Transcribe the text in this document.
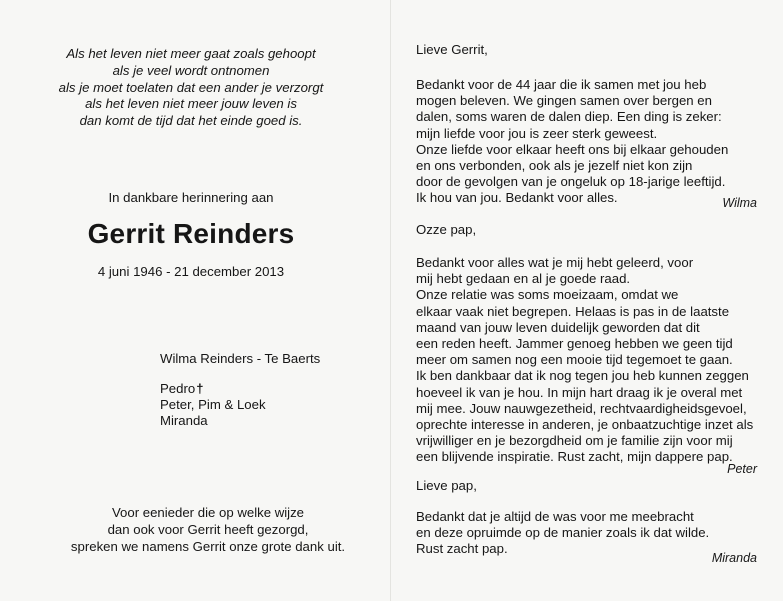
Als het leven niet meer gaat zoals gehoopt
als je veel wordt ontnomen
als je moet toelaten dat een ander je verzorgt
als het leven niet meer jouw leven is
dan komt de tijd dat het einde goed is.
In dankbare herinnering aan
Gerrit Reinders
4 juni 1946 - 21 december 2013
Wilma Reinders - Te Baerts
Pedro†
Peter, Pim & Loek
Miranda
Voor eenieder die op welke wijze
dan ook voor Gerrit heeft gezorgd,
spreken we namens Gerrit onze grote dank uit.
Lieve Gerrit,
Bedankt voor de 44 jaar die ik samen met jou heb
mogen beleven. We gingen samen over bergen en
dalen, soms waren de dalen diep. Een ding is zeker:
mijn liefde voor jou is zeer sterk geweest.
Onze liefde voor elkaar heeft ons bij elkaar gehouden
en ons verbonden, ook als je jezelf niet kon zijn
door de gevolgen van je ongeluk op 18-jarige leeftijd.
Ik hou van jou. Bedankt voor alles.	Wilma
Ozze pap,
Bedankt voor alles wat je mij hebt geleerd, voor
mij hebt gedaan en al je goede raad.
Onze relatie was soms moeizaam, omdat we
elkaar vaak niet begrepen. Helaas is pas in de laatste
maand van jouw leven duidelijk geworden dat dit
een reden heeft. Jammer genoeg hebben we geen tijd
meer om samen nog een mooie tijd tegemoet te gaan.
Ik ben dankbaar dat ik nog tegen jou heb kunnen zeggen
hoeveel ik van je hou. In mijn hart draag ik je overal met
mij mee. Jouw nauwgezetheid, rechtvaardigheidsgevoel,
oprechte interesse in anderen, je onbaatzuchtige inzet als
vrijwilliger en je bezorgdheid om je familie zijn voor mij
een blijvende inspiratie. Rust zacht, mijn dappere pap.
Peter
Lieve pap,
Bedankt dat je altijd de was voor me meebracht
en deze opruimde op de manier zoals ik dat wilde.
Rust zacht pap.
Miranda
